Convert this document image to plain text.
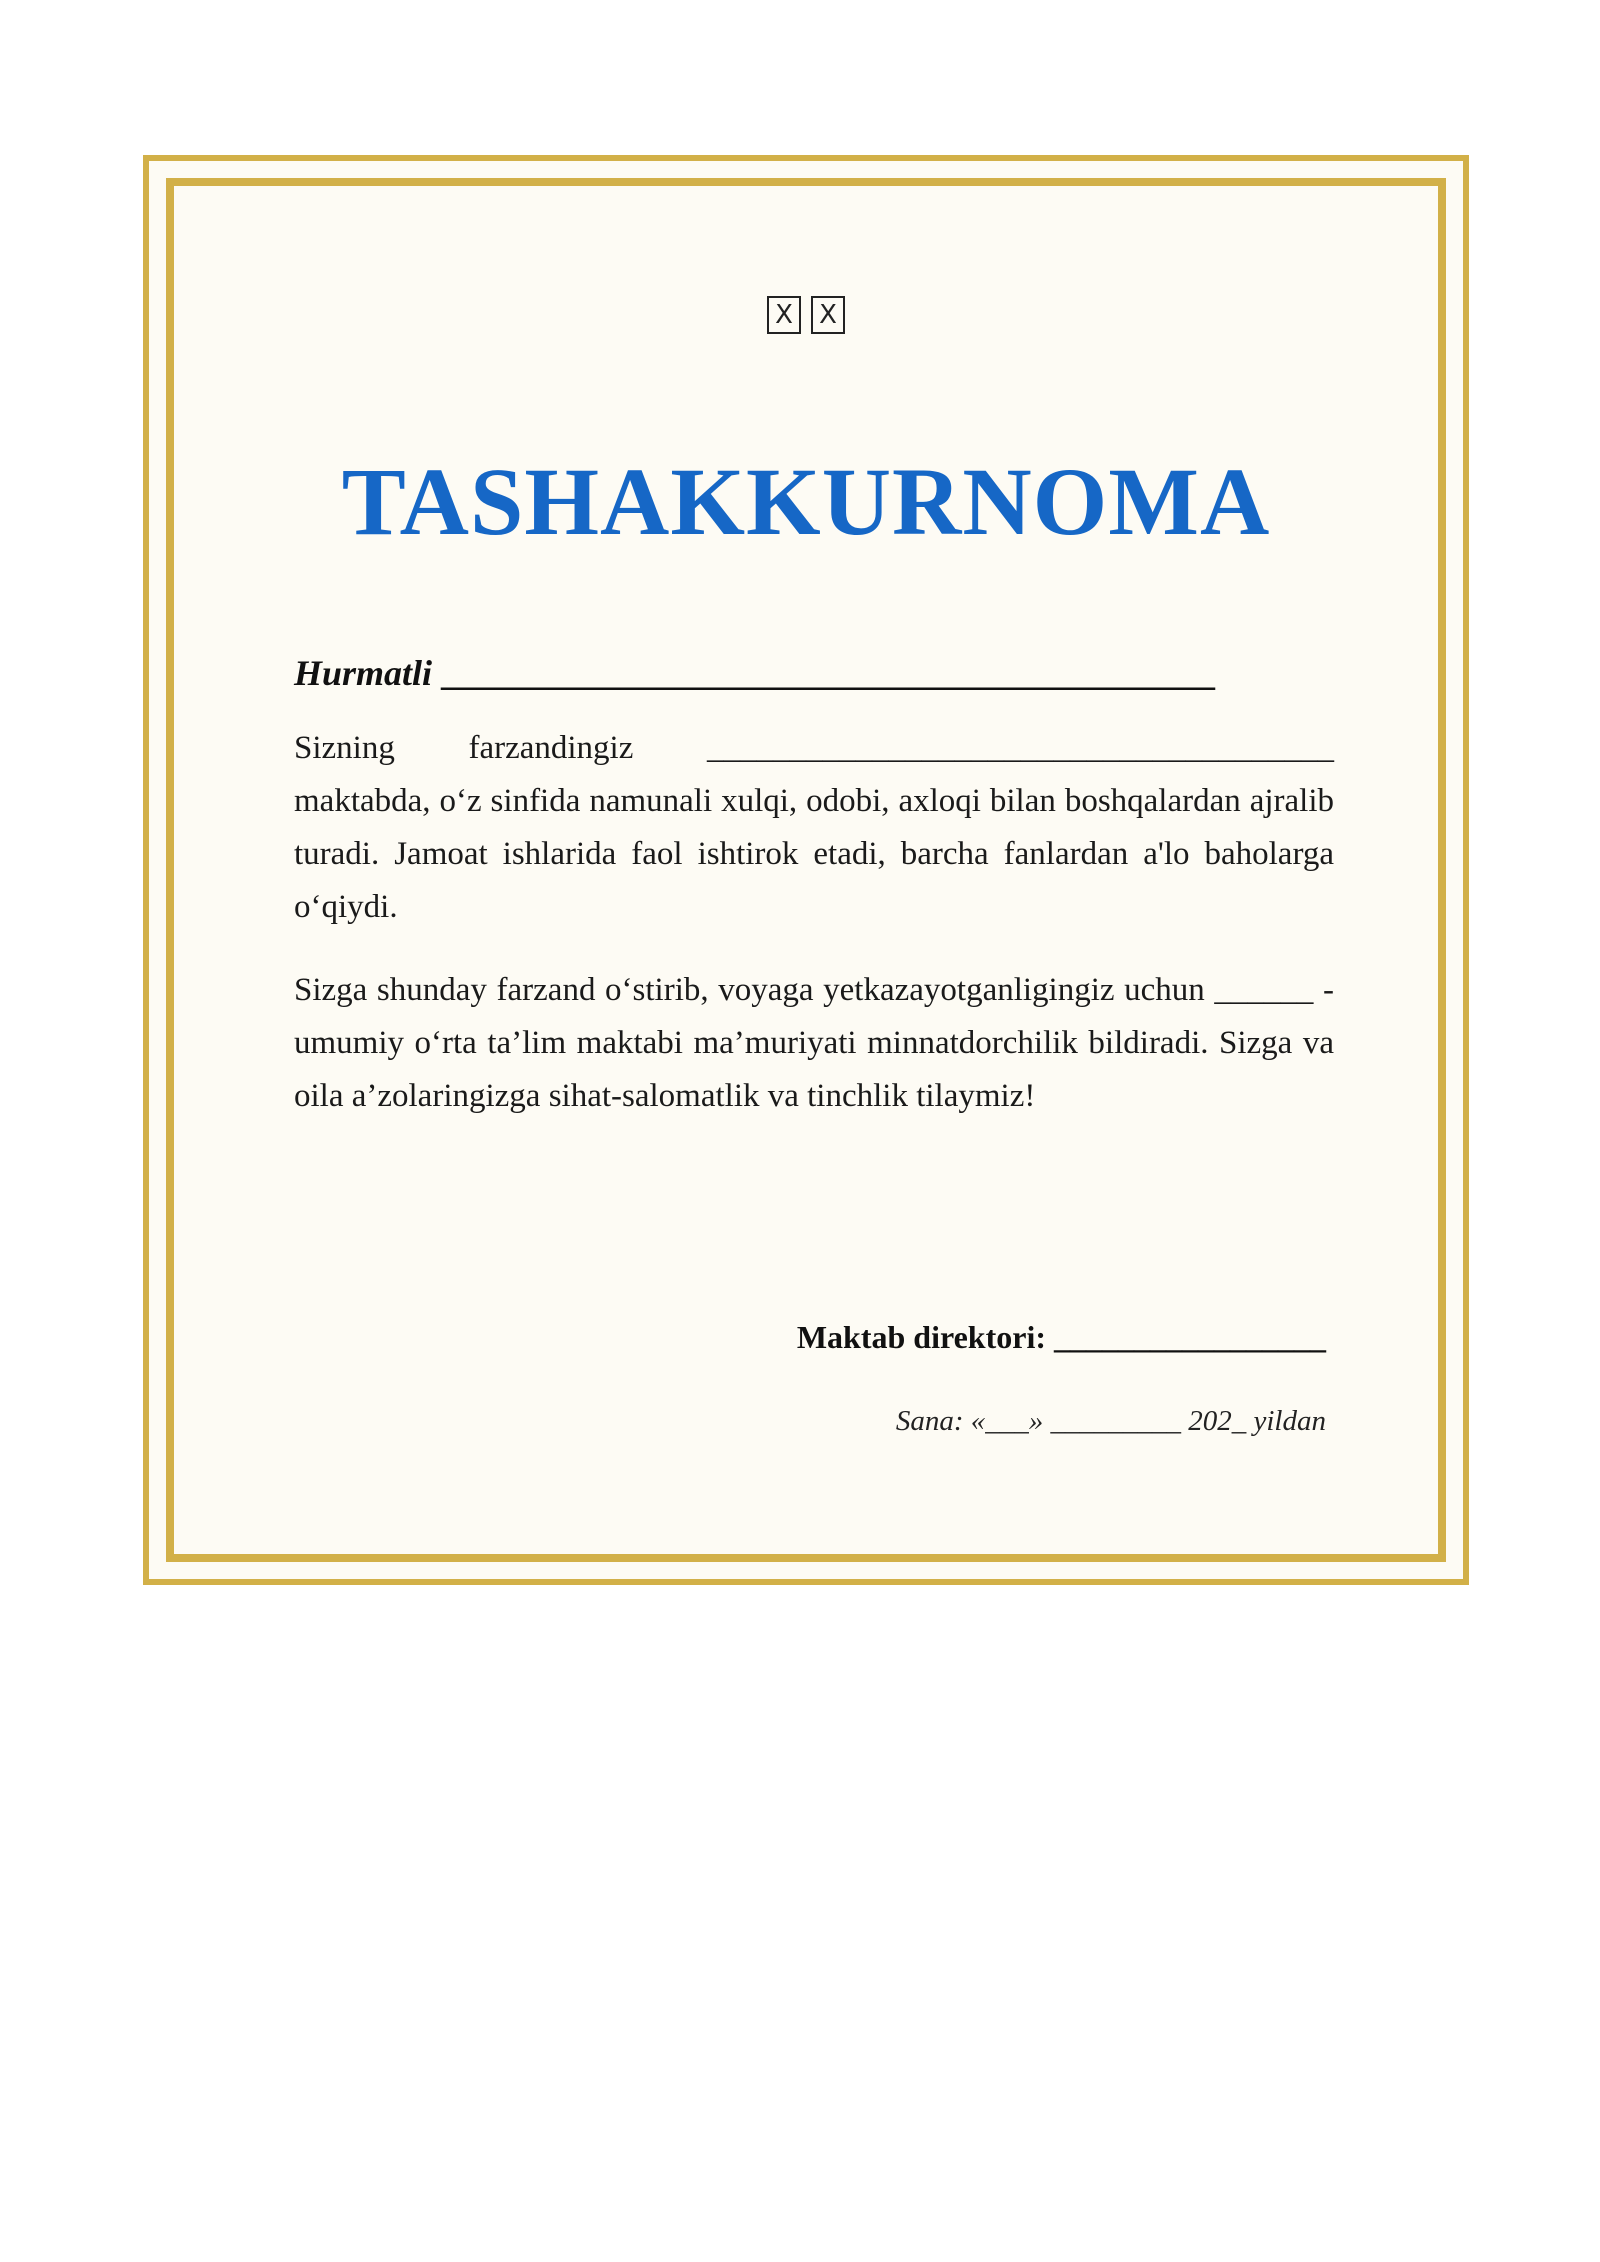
X X
TASHAKKURNOMA
Hurmatli ___________________________________________
Sizning farzandingiz ______________________________________
maktabda, o‘z sinfida namunali xulqi, odobi, axloqi bilan boshqalardan ajralib turadi. Jamoat ishlarida faol ishtirok etadi, barcha fanlardan a'lo baholarga o‘qiydi.

Sizga shunday farzand o‘stirib, voyaga yetkazayotganligingiz uchun ______ - umumiy o‘rta ta’lim maktabi ma’muriyati minnatdorchilik bildiradi. Sizga va oila a’zolaringizga sihat-salomatlik va tinchlik tilaymiz!

Maktab direktori: _________________
Sana: «___» _________ 202_ yildan
